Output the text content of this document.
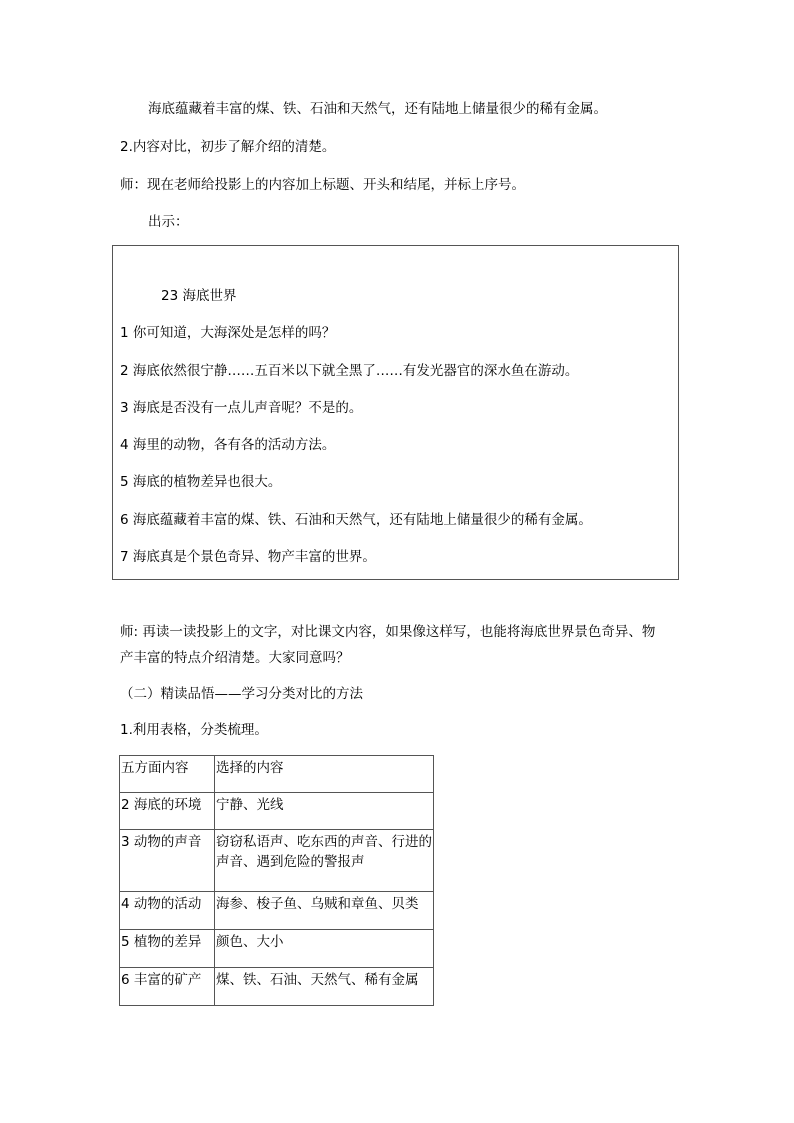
海底蕴藏着丰富的煤、铁、石油和天然气，还有陆地上储量很少的稀有金属。
2.内容对比，初步了解介绍的清楚。
师：现在老师给投影上的内容加上标题、开头和结尾，并标上序号。
出示：
23 海底世界
1 你可知道，大海深处是怎样的吗？
2 海底依然很宁静……五百米以下就全黑了……有发光器官的深水鱼在游动。
3 海底是否没有一点儿声音呢？不是的。
4 海里的动物，各有各的活动方法。
5 海底的植物差异也很大。
6 海底蕴藏着丰富的煤、铁、石油和天然气，还有陆地上储量很少的稀有金属。
7 海底真是个景色奇异、物产丰富的世界。
师: 再读一读投影上的文字，对比课文内容，如果像这样写，也能将海底世界景色奇异、物
产丰富的特点介绍清楚。大家同意吗？
（二）精读品悟——学习分类对比的方法
1.利用表格，分类梳理。
五方面内容	选择的内容
2 海底的环境	宁静、光线
3 动物的声音	窃窃私语声、吃东西的声音、行进的
声音、遇到危险的警报声

4 动物的活动	海参、梭子鱼、乌贼和章鱼、贝类
5 植物的差异	颜色、大小
6 丰富的矿产	煤、铁、石油、天然气、稀有金属
